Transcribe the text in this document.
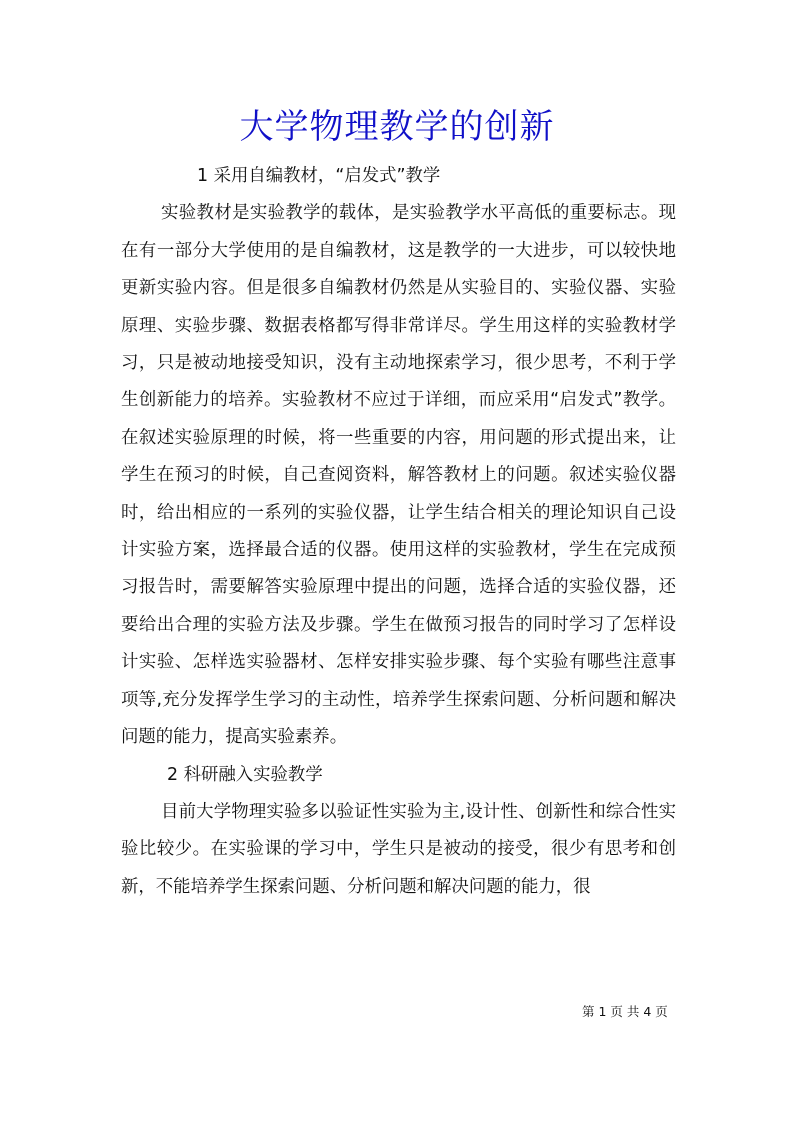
大学物理教学的创新

1 采用自编教材，“启发式”教学

实验教材是实验教学的载体，是实验教学水平高低的重要标志。现在有一部分大学使用的是自编教材，这是教学的一大进步，可以较快地更新实验内容。但是很多自编教材仍然是从实验目的、实验仪器、实验原理、实验步骤、数据表格都写得非常详尽。学生用这样的实验教材学习，只是被动地接受知识，没有主动地探索学习，很少思考，不利于学生创新能力的培养。实验教材不应过于详细，而应采用“启发式”教学。在叙述实验原理的时候，将一些重要的内容，用问题的形式提出来，让学生在预习的时候，自己查阅资料，解答教材上的问题。叙述实验仪器时，给出相应的一系列的实验仪器，让学生结合相关的理论知识自己设计实验方案，选择最合适的仪器。使用这样的实验教材，学生在完成预习报告时，需要解答实验原理中提出的问题，选择合适的实验仪器，还要给出合理的实验方法及步骤。学生在做预习报告的同时学习了怎样设计实验、怎样选实验器材、怎样安排实验步骤、每个实验有哪些注意事项等,充分发挥学生学习的主动性，培养学生探索问题、分析问题和解决问题的能力，提高实验素养。

2 科研融入实验教学

目前大学物理实验多以验证性实验为主,设计性、创新性和综合性实验比较少。在实验课的学习中，学生只是被动的接受，很少有思考和创新，不能培养学生探索问题、分析问题和解决问题的能力，很

第 1 页 共 4 页
